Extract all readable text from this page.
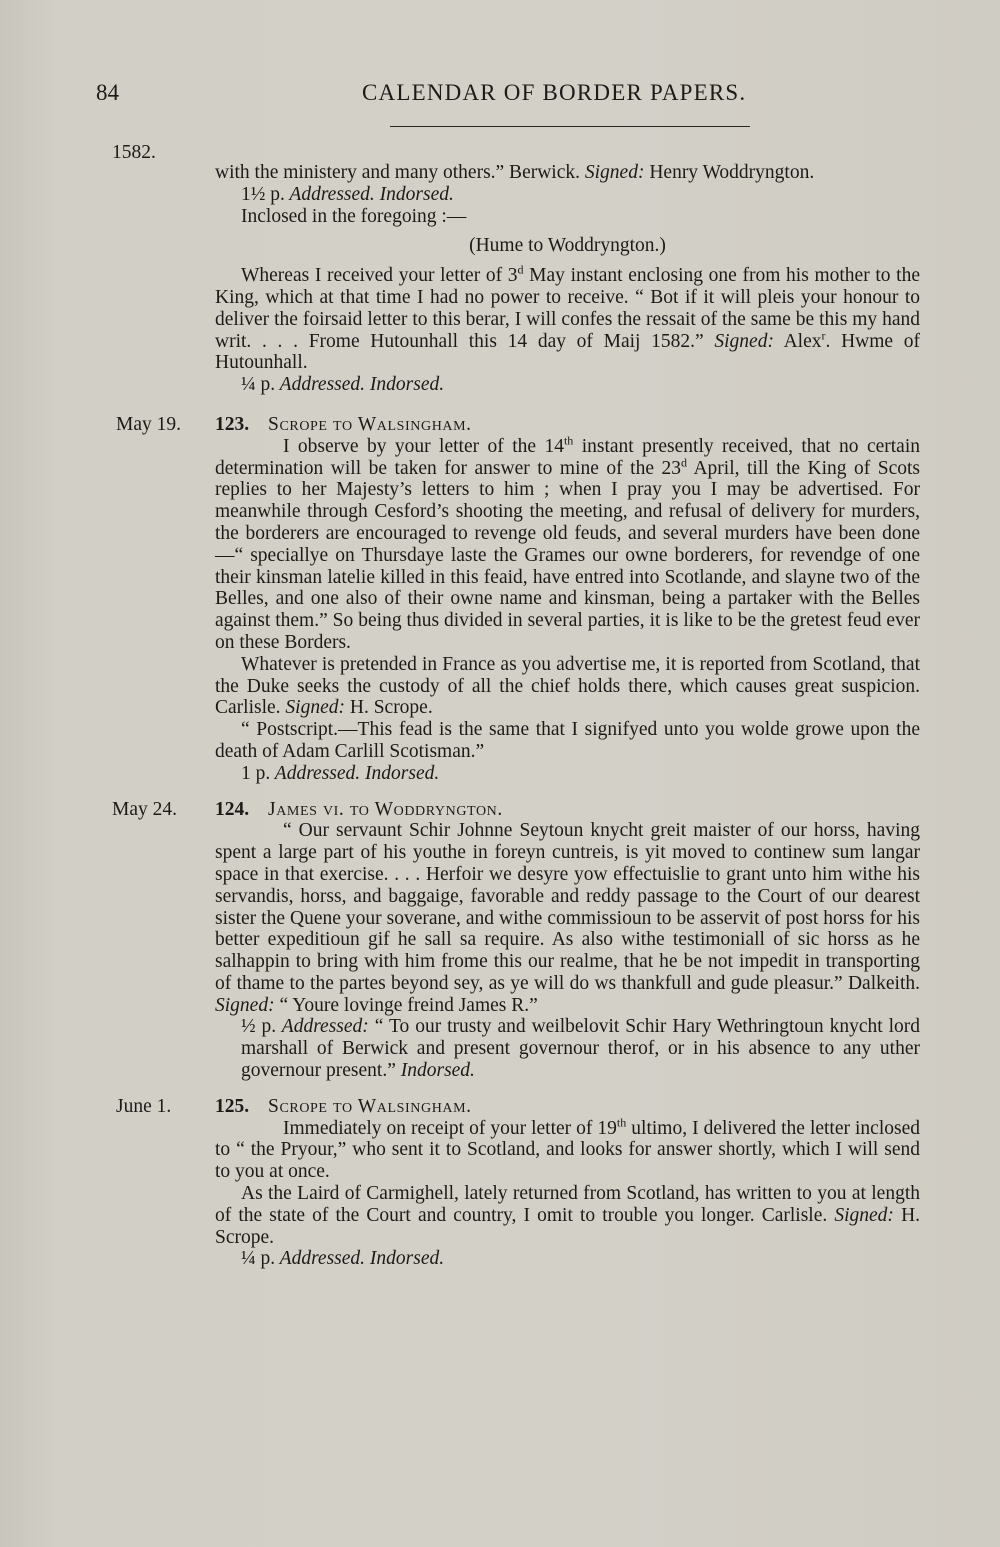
84	CALENDAR OF BORDER PAPERS.
1582.

with the ministery and many others.” Berwick. Signed: Henry Woddryngton.

1½ p. Addressed. Indorsed.

Inclosed in the foregoing :—

(Hume to Woddryngton.)

Whereas I received your letter of 3$^d$ May instant enclosing one from his mother to the King, which at that time I had no power to receive. “ Bot if it will pleis your honour to deliver the foirsaid letter to this berar, I will confes the ressait of the same be this my hand writ. . . . Frome Hutounhall this 14 day of Maij 1582.” Signed: Alex$^r$. Hwme of Hutounhall.

¼ p. Addressed. Indorsed.

May 19.	123. Scrope to Walsingham.

I observe by your letter of the 14th instant presently received, that no certain determination will be taken for answer to mine of the 23$^d$ April, till the King of Scots replies to her Majesty’s letters to him ; when I pray you I may be advertised. For meanwhile through Cesford’s shooting the meeting, and refusal of delivery for murders, the borderers are encouraged to revenge old feuds, and several murders have been done—“ speciallye on Thursdaye laste the Grames our owne borderers, for revendge of one their kinsman latelie killed in this feaid, have entred into Scotlande, and slayne two of the Belles, and one also of their owne name and kinsman, being a partaker with the Belles against them.” So being thus divided in several parties, it is like to be the gretest feud ever on these Borders.

Whatever is pretended in France as you advertise me, it is reported from Scotland, that the Duke seeks the custody of all the chief holds there, which causes great suspicion. Carlisle. Signed: H. Scrope.

“ Postscript.—This fead is the same that I signifyed unto you wolde growe upon the death of Adam Carlill Scotisman.”

1 p. Addressed. Indorsed.

May 24.	124. James vi. to Woddryngton.

“ Our servaunt Schir Johnne Seytoun knycht greit maister of our horss, having spent a large part of his youthe in foreyn cuntreis, is yit moved to continew sum langar space in that exercise. . . . Herfoir we desyre yow effectuislie to grant unto him withe his servandis, horss, and baggaige, favorable and reddy passage to the Court of our dearest sister the Quene your soverane, and withe commissioun to be asservit of post horss for his better expeditioun gif he sall sa require. As also withe testimoniall of sic horss as he salhappin to bring with him frome this our realme, that he be not impedit in transporting of thame to the partes beyond sey, as ye will do ws thankfull and gude pleasur.” Dalkeith. Signed: “ Youre lovinge freind James R.”

½ p. Addressed: “ To our trusty and weilbelovit Schir Hary Wethringtoun knycht lord marshall of Berwick and present governour therof, or in his absence to any uther governour present.” Indorsed.

June 1.	125. Scrope to Walsingham.

Immediately on receipt of your letter of 19th ultimo, I delivered the letter inclosed to “ the Pryour,” who sent it to Scotland, and looks for answer shortly, which I will send to you at once.

As the Laird of Carmighell, lately returned from Scotland, has written to you at length of the state of the Court and country, I omit to trouble you longer. Carlisle. Signed: H. Scrope.

¼ p. Addressed. Indorsed.
